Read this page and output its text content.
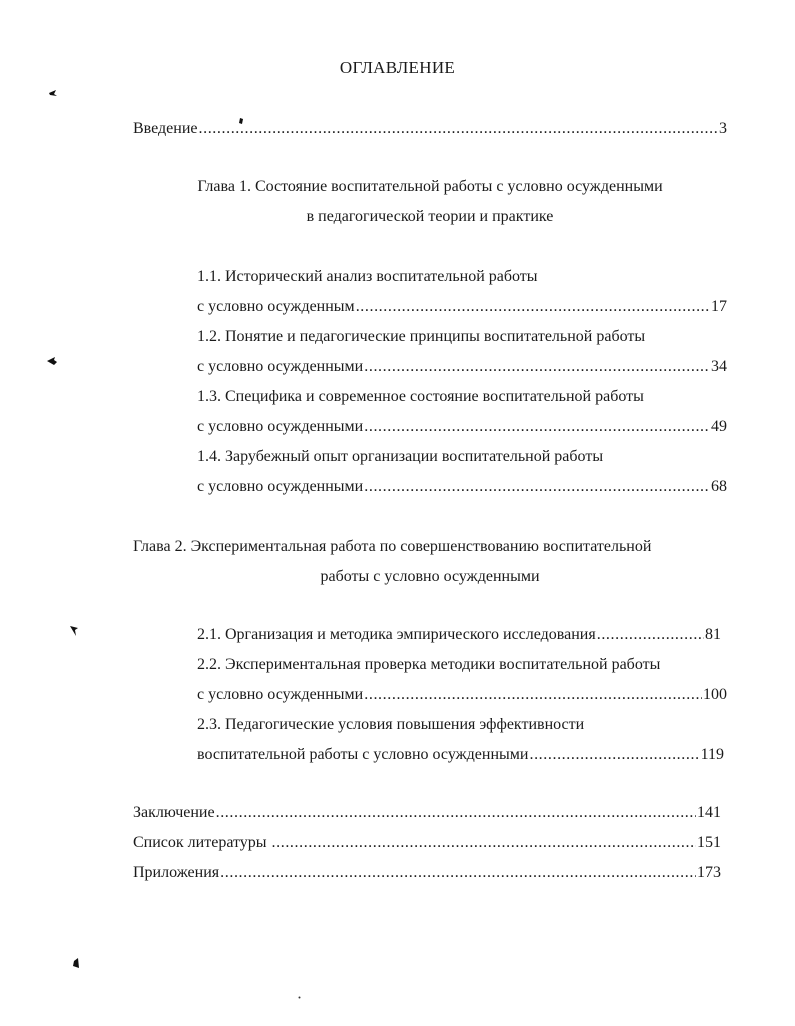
ОГЛАВЛЕНИЕ
Введение .....	3
Глава 1. Состояние воспитательной работы с условно осужденными
в педагогической теории и практике
1.1. Исторический анализ воспитательной работы
с условно осужденным .....	17
1.2. Понятие и педагогические принципы воспитательной работы
с условно осужденными .....	34
1.3. Специфика и современное состояние воспитательной работы
с условно осужденными .....	49
1.4. Зарубежный опыт организации воспитательной работы
с условно осужденными .....	68
Глава 2. Экспериментальная работа по совершенствованию воспитательной
работы с условно осужденными
2.1. Организация и методика эмпирического исследования .....	81
2.2. Экспериментальная проверка методики воспитательной работы
с условно осужденными .....	100
2.3. Педагогические условия повышения эффективности
воспитательной работы с условно осужденными .....	119
Заключение .....	141
Список литературы .....	151
Приложения .....	173
